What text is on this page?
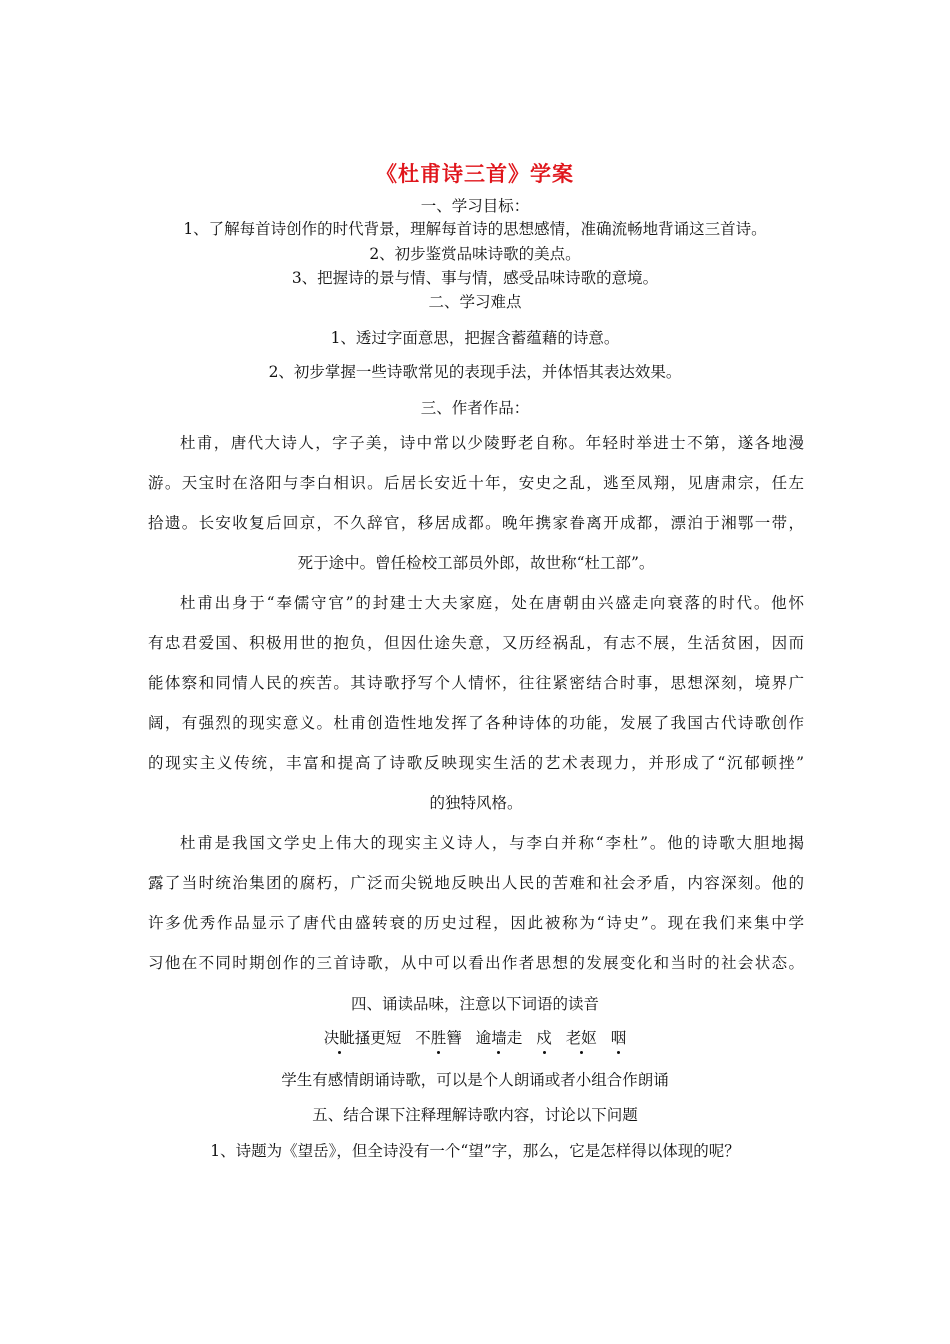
《杜甫诗三首》学案
一、学习目标：
1、了解每首诗创作的时代背景，理解每首诗的思想感情，准确流畅地背诵这三首诗。
2、初步鉴赏品味诗歌的美点。
3、把握诗的景与情、事与情，感受品味诗歌的意境。
二、学习难点
1、透过字面意思，把握含蓄蕴藉的诗意。
2、初步掌握一些诗歌常见的表现手法，并体悟其表达效果。
三、作者作品：
杜甫，唐代大诗人，字子美，诗中常以少陵野老自称。年轻时举进士不第，遂各地漫
游。天宝时在洛阳与李白相识。后居长安近十年，安史之乱，逃至凤翔，见唐肃宗，任左
拾遗。长安收复后回京，不久辞官，移居成都。晚年携家眷离开成都，漂泊于湘鄂一带，
死于途中。曾任检校工部员外郎，故世称“杜工部”。
杜甫出身于“奉儒守官”的封建士大夫家庭，处在唐朝由兴盛走向衰落的时代。他怀
有忠君爱国、积极用世的抱负，但因仕途失意，又历经祸乱，有志不展，生活贫困，因而
能体察和同情人民的疾苦。其诗歌抒写个人情怀，往往紧密结合时事，思想深刻，境界广
阔，有强烈的现实意义。杜甫创造性地发挥了各种诗体的功能，发展了我国古代诗歌创作
的现实主义传统，丰富和提高了诗歌反映现实生活的艺术表现力，并形成了“沉郁顿挫”
的独特风格。
杜甫是我国文学史上伟大的现实主义诗人，与李白并称“李杜”。他的诗歌大胆地揭
露了当时统治集团的腐朽，广泛而尖锐地反映出人民的苦难和社会矛盾，内容深刻。他的
许多优秀作品显示了唐代由盛转衰的历史过程，因此被称为“诗史”。现在我们来集中学
习他在不同时期创作的三首诗歌，从中可以看出作者思想的发展变化和当时的社会状态。
四、诵读品味，注意以下词语的读音
决眦搔更短 不胜簪 逾墙走 戍 老妪 咽
学生有感情朗诵诗歌，可以是个人朗诵或者小组合作朗诵
五、结合课下注释理解诗歌内容，讨论以下问题
1、诗题为《望岳》，但全诗没有一个“望”字，那么，它是怎样得以体现的呢？
